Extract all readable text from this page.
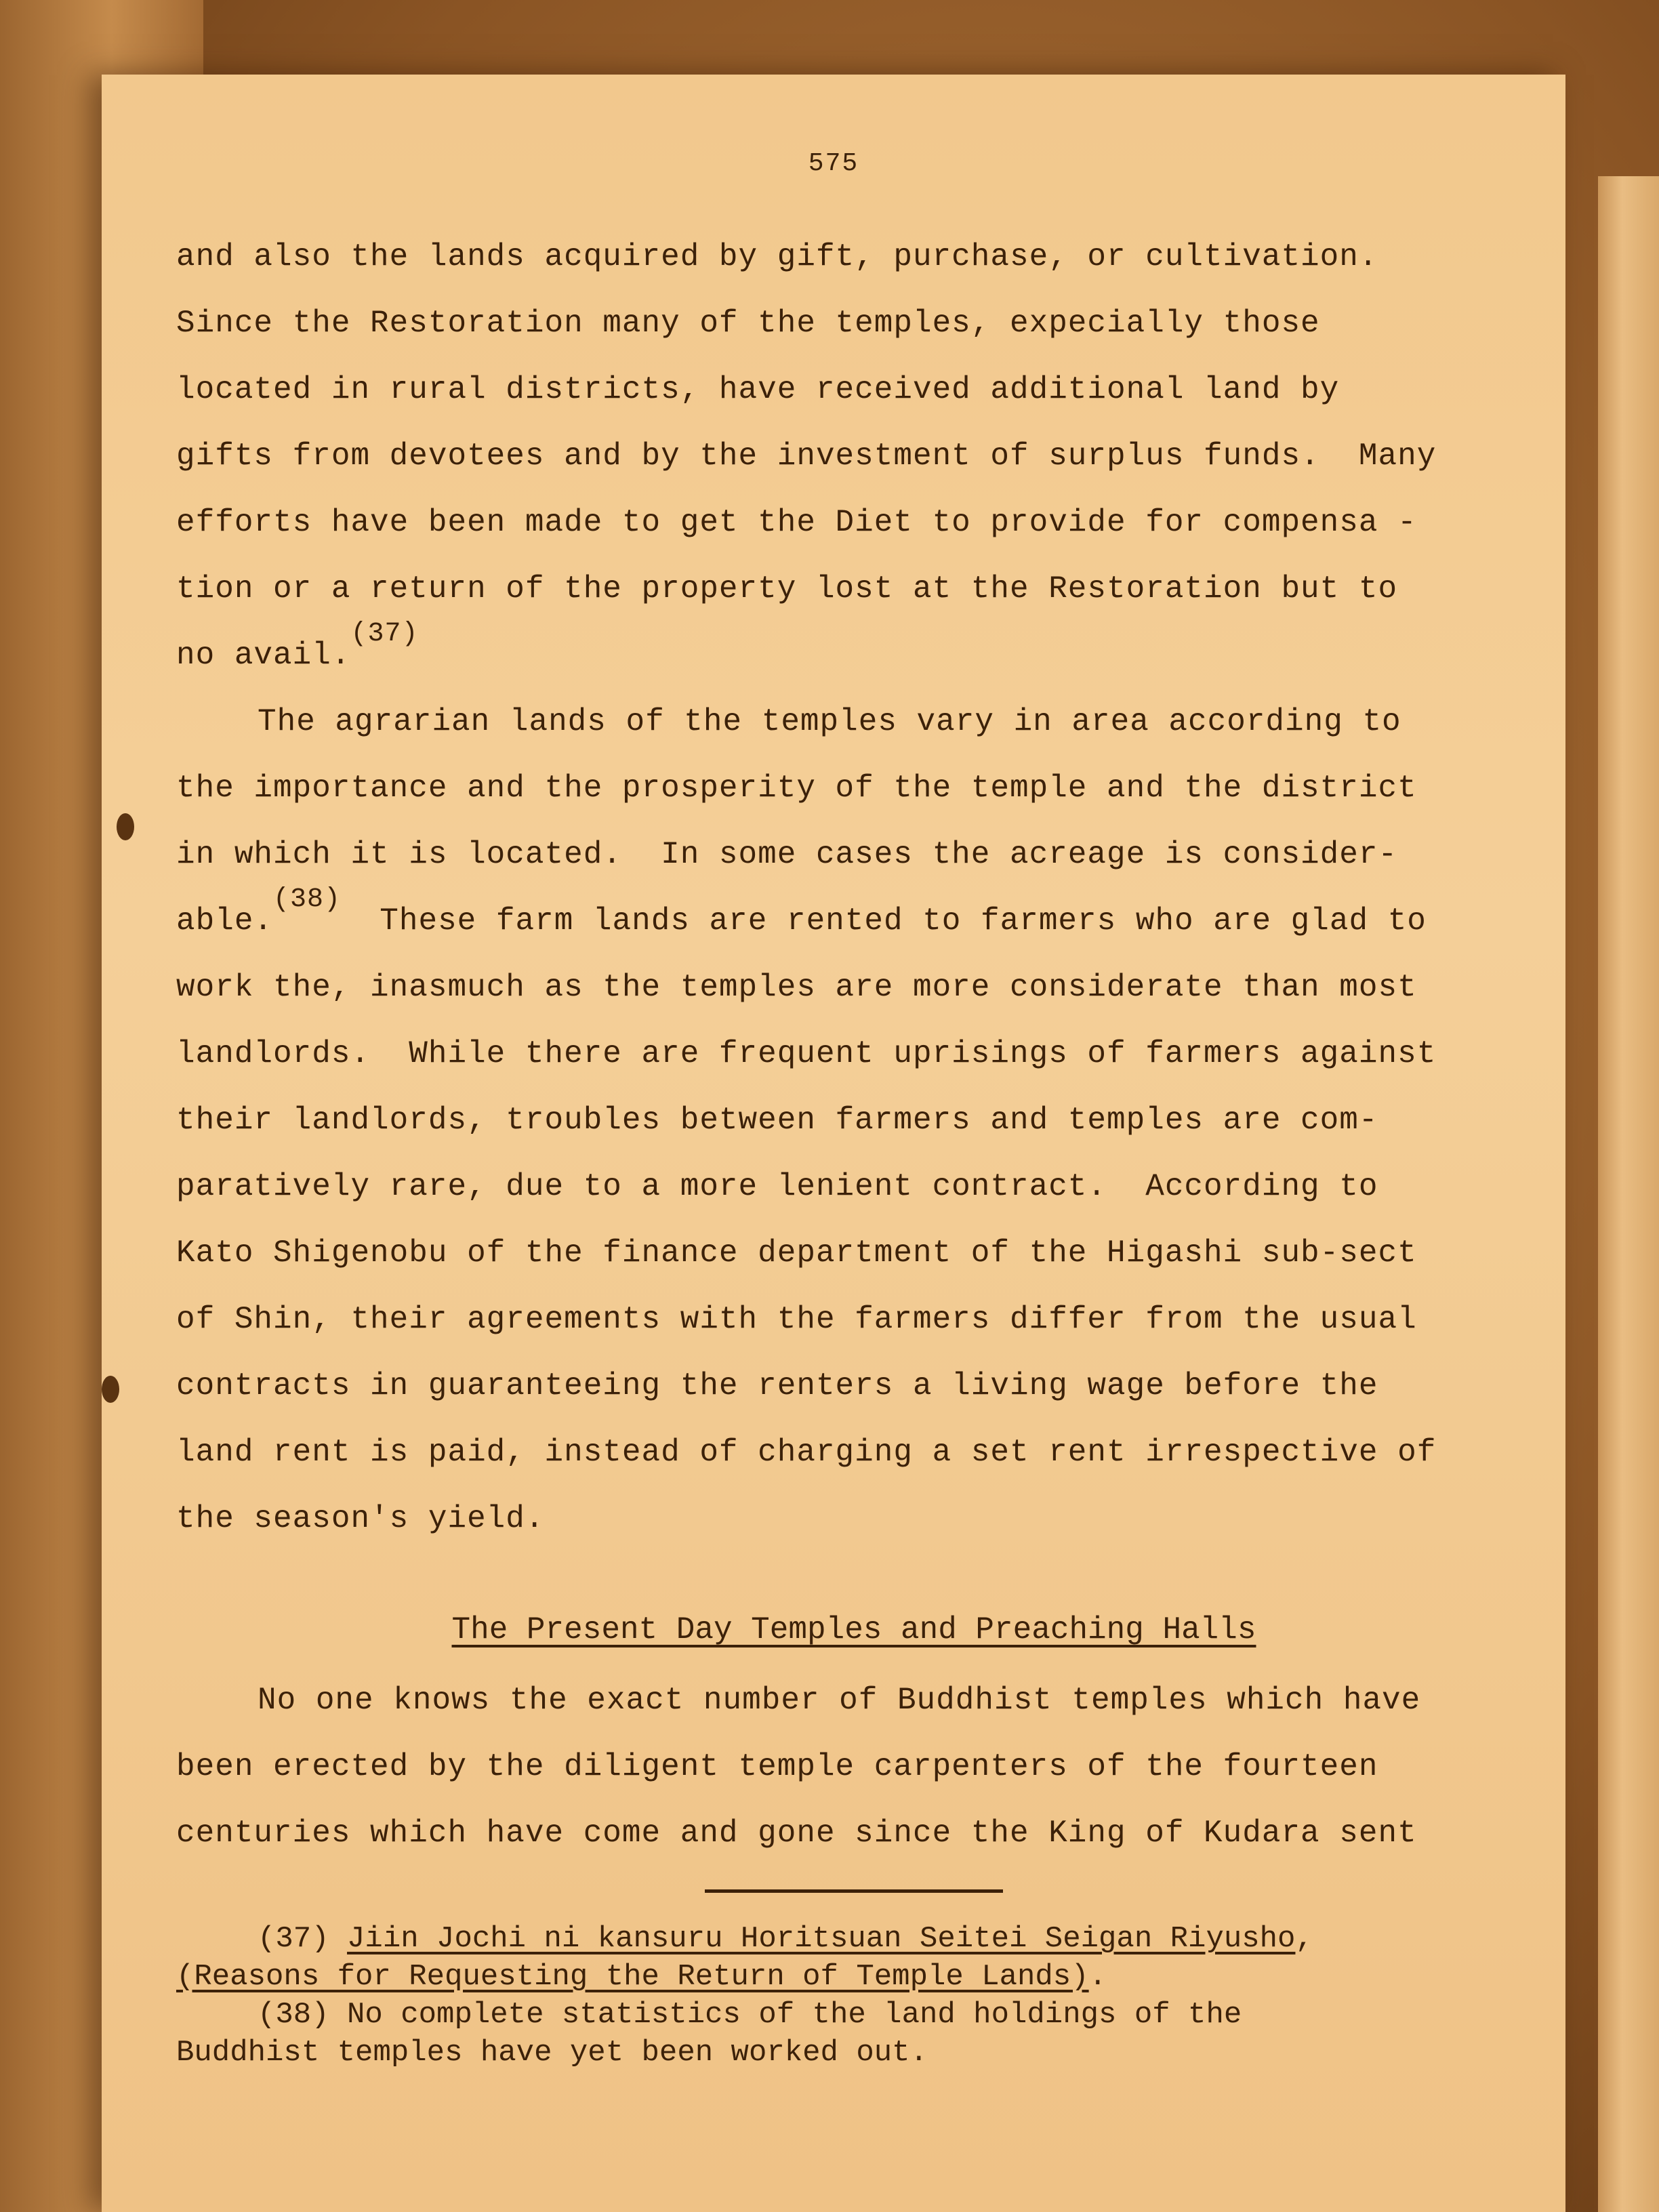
575
and also the lands acquired by gift, purchase, or cultivation.
Since the Restoration many of the temples, expecially those
located in rural districts, have received additional land by
gifts from devotees and by the investment of surplus funds.  Many
efforts have been made to get the Diet to provide for compensa -
tion or a return of the property lost at the Restoration but to
no avail.(37)
The agrarian lands of the temples vary in area according to
the importance and the prosperity of the temple and the district
in which it is located.  In some cases the acreage is consider-
able.(38)  These farm lands are rented to farmers who are glad to
work the, inasmuch as the temples are more considerate than most
landlords.  While there are frequent uprisings of farmers against
their landlords, troubles between farmers and temples are com-
paratively rare, due to a more lenient contract.  According to
Kato Shigenobu of the finance department of the Higashi sub-sect
of Shin, their agreements with the farmers differ from the usual
contracts in guaranteeing the renters a living wage before the
land rent is paid, instead of charging a set rent irrespective of
the season's yield.
The Present Day Temples and Preaching Halls
No one knows the exact number of Buddhist temples which have
been erected by the diligent temple carpenters of the fourteen
centuries which have come and gone since the King of Kudara sent
(37) Jiin Jochi ni kansuru Horitsuan Seitei Seigan Riyusho,
(Reasons for Requesting the Return of Temple Lands).
(38) No complete statistics of the land holdings of the
Buddhist temples have yet been worked out.
